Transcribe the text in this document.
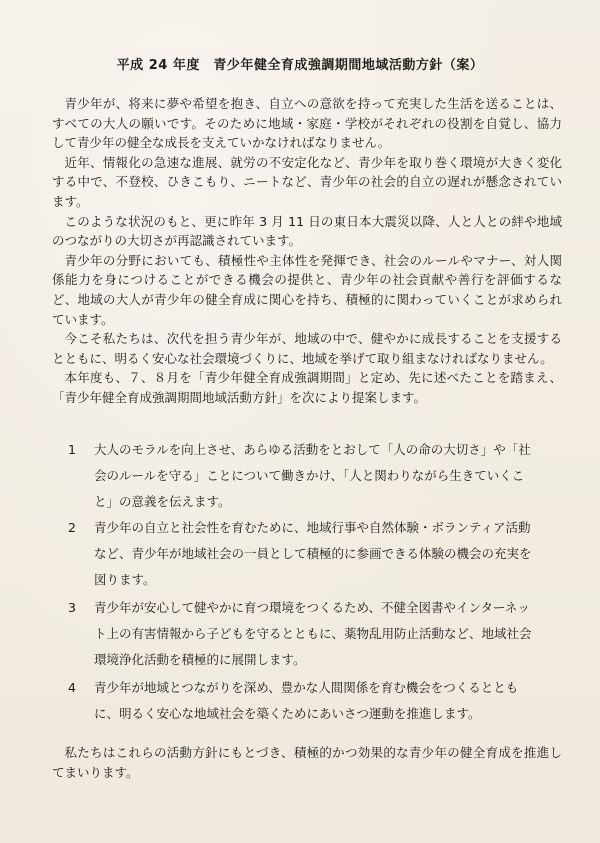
平成 24 年度　青少年健全育成強調期間地域活動方針（案）

青少年が、将来に夢や希望を抱き、自立への意欲を持って充実した生活を送ることは、すべての大人の願いです。そのために地域・家庭・学校がそれぞれの役割を自覚し、協力して青少年の健全な成長を支えていかなければなりません。

近年、情報化の急速な進展、就労の不安定化など、青少年を取り巻く環境が大きく変化する中で、不登校、ひきこもり、ニートなど、青少年の社会的自立の遅れが懸念されています。

このような状況のもと、更に昨年 3 月 11 日の東日本大震災以降、人と人との絆や地域のつながりの大切さが再認識されています。

青少年の分野においても、積極性や主体性を発揮でき、社会のルールやマナー、対人関係能力を身につけることができる機会の提供と、青少年の社会貢献や善行を評価するなど、地域の大人が青少年の健全育成に関心を持ち、積極的に関わっていくことが求められています。

今こそ私たちは、次代を担う青少年が、地域の中で、健やかに成長することを支援するとともに、明るく安心な社会環境づくりに、地域を挙げて取り組まなければなりません。

本年度も、７、８月を「青少年健全育成強調期間」と定め、先に述べたことを踏まえ、「青少年健全育成強調期間地域活動方針」を次により提案します。

1 大人のモラルを向上させ、あらゆる活動をとおして「人の命の大切さ」や「社会のルールを守る」ことについて働きかけ、「人と関わりながら生きていくこと」の意義を伝えます。
2 青少年の自立と社会性を育むために、地域行事や自然体験・ボランティア活動など、青少年が地域社会の一員として積極的に参画できる体験の機会の充実を図ります。
3 青少年が安心して健やかに育つ環境をつくるため、不健全図書やインターネット上の有害情報から子どもを守るとともに、薬物乱用防止活動など、地域社会環境浄化活動を積極的に展開します。
4 青少年が地域とつながりを深め、豊かな人間関係を育む機会をつくるとともに、明るく安心な地域社会を築くためにあいさつ運動を推進します。

私たちはこれらの活動方針にもとづき、積極的かつ効果的な青少年の健全育成を推進してまいります。
